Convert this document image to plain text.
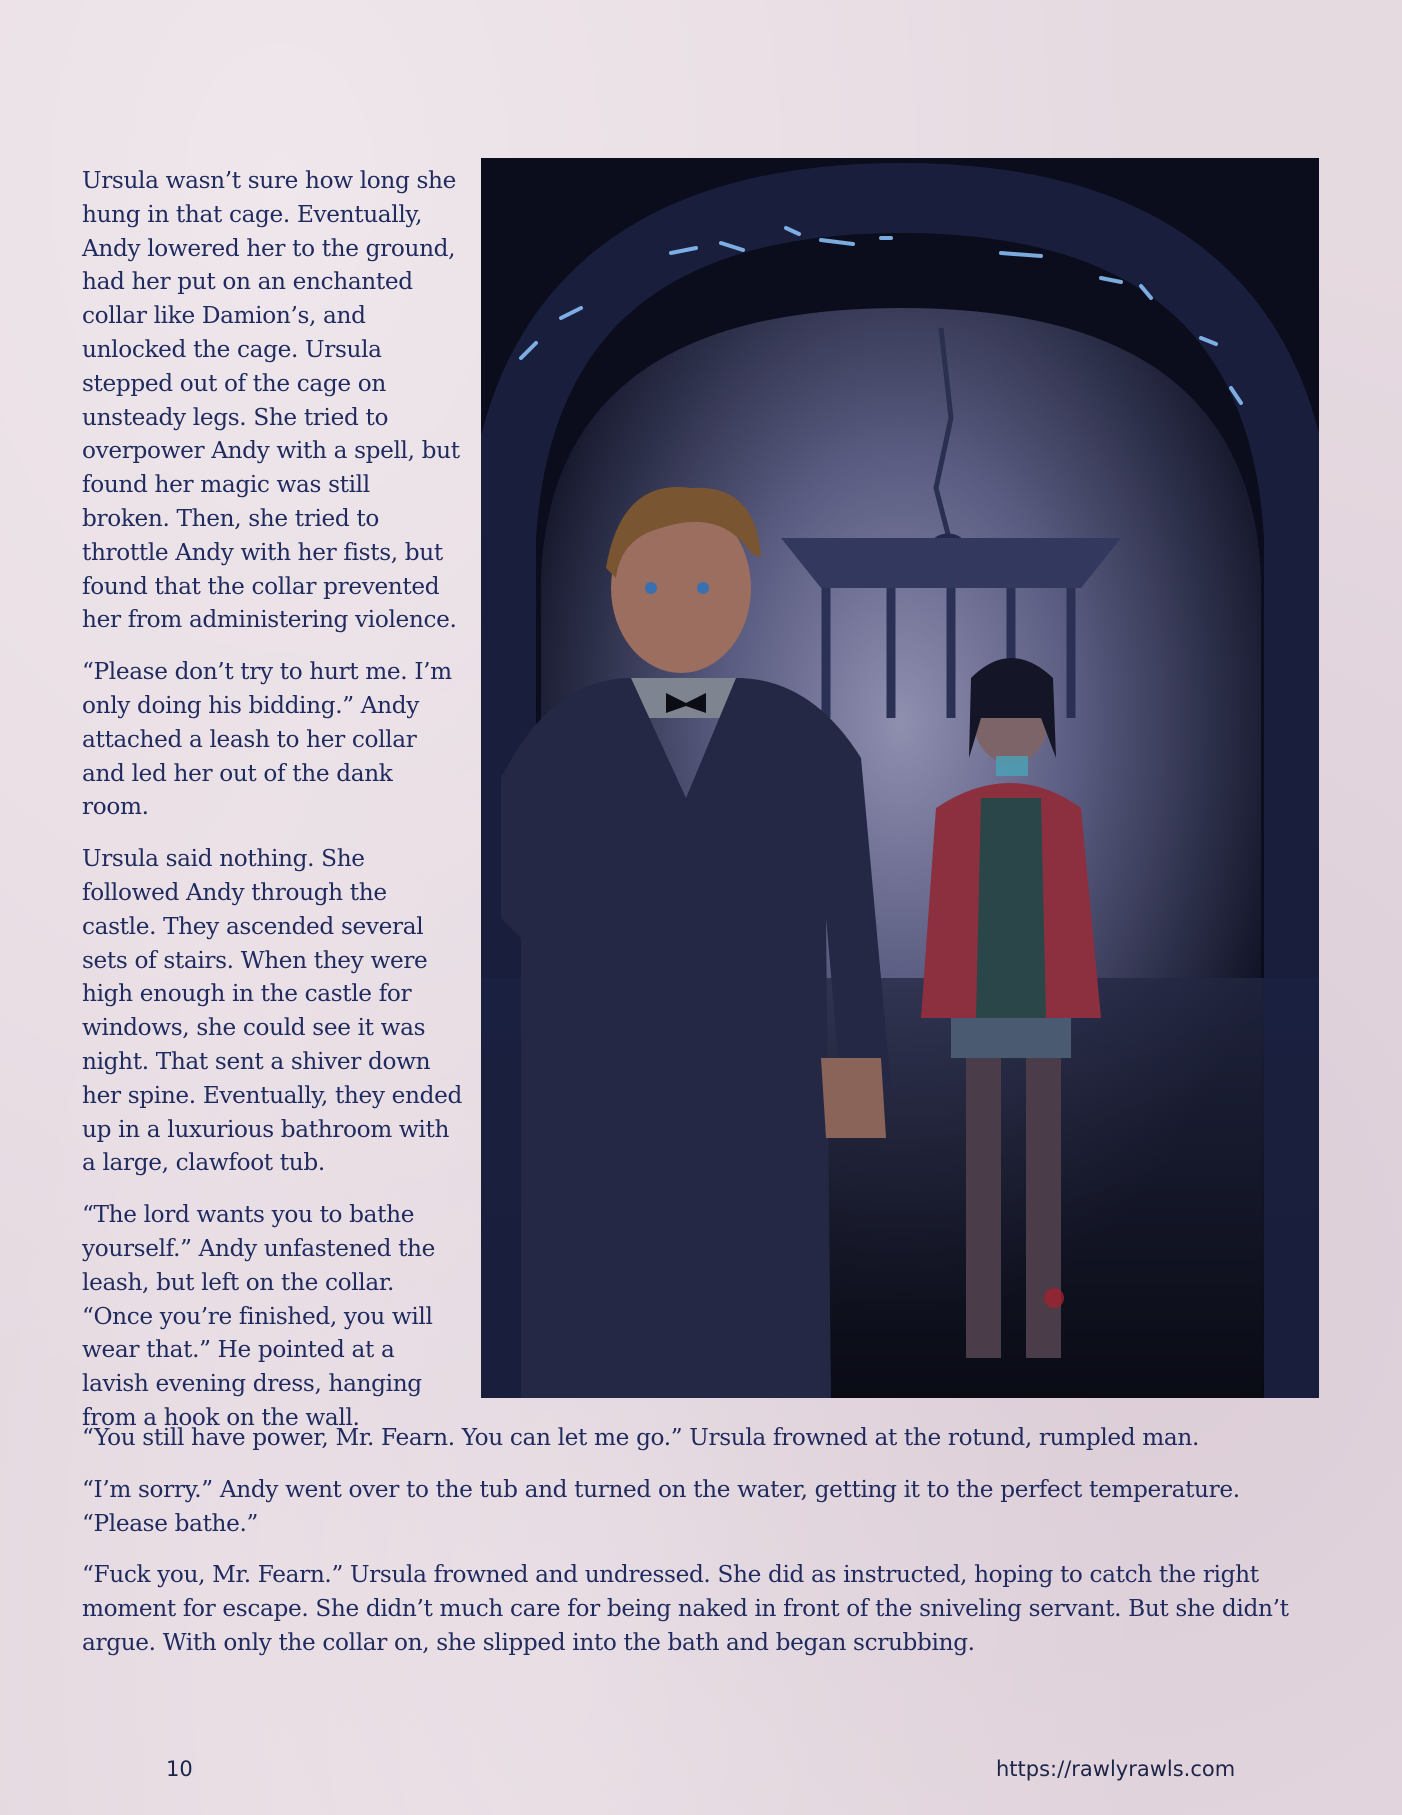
Ursula wasn’t sure how long she hung in that cage. Eventually, Andy lowered her to the ground, had her put on an enchanted collar like Damion’s, and unlocked the cage. Ursula stepped out of the cage on unsteady legs. She tried to overpower Andy with a spell, but found her magic was still broken. Then, she tried to throttle Andy with her fists, but found that the collar prevented her from administering violence.

“Please don’t try to hurt me. I’m only doing his bidding.” Andy attached a leash to her collar and led her out of the dank room.

Ursula said nothing. She followed Andy through the castle. They ascended several sets of stairs. When they were high enough in the castle for windows, she could see it was night. That sent a shiver down her spine. Eventually, they ended up in a luxurious bathroom with a large, clawfoot tub.

“The lord wants you to bathe yourself.” Andy unfastened the leash, but left on the collar. “Once you’re finished, you will wear that.” He pointed at a lavish evening dress, hanging from a hook on the wall.

“You still have power, Mr. Fearn. You can let me go.” Ursula frowned at the rotund, rumpled man.

“I’m sorry.” Andy went over to the tub and turned on the water, getting it to the perfect temperature. “Please bathe.”

“Fuck you, Mr. Fearn.” Ursula frowned and undressed. She did as instructed, hoping to catch the right moment for escape. She didn’t much care for being naked in front of the sniveling servant. But she didn’t argue. With only the collar on, she slipped into the bath and began scrubbing.

10	https://rawlyrawls.com
